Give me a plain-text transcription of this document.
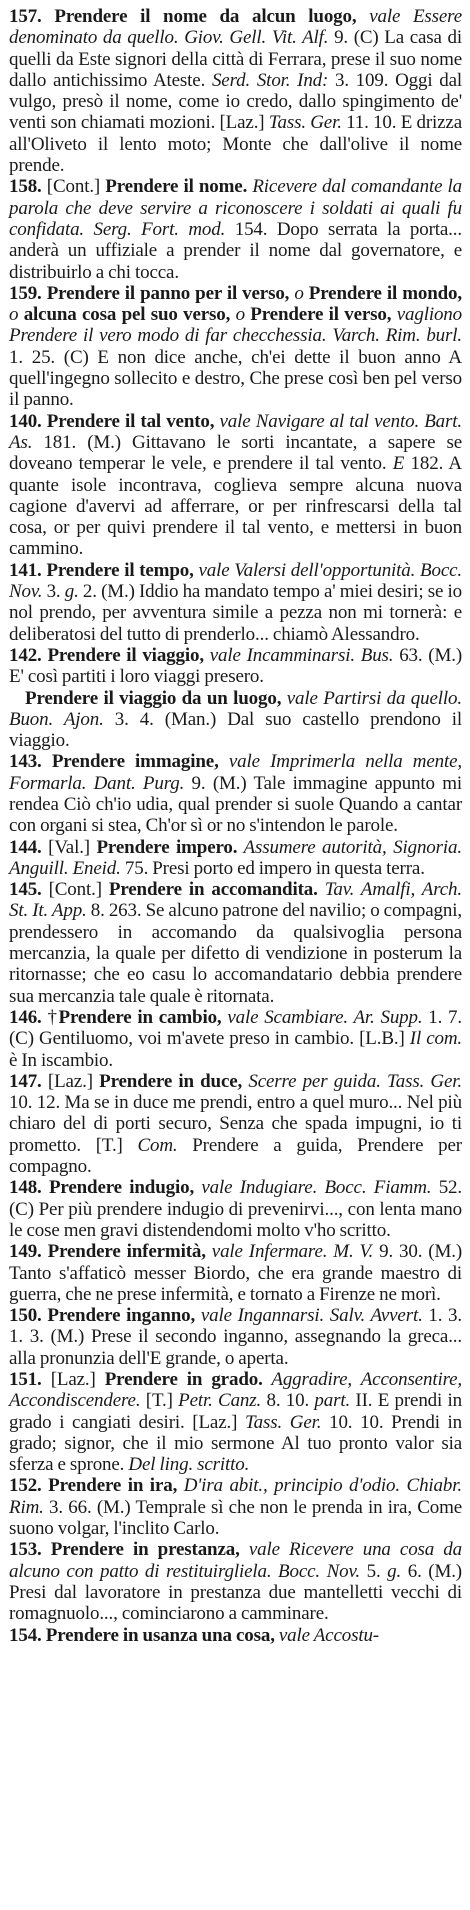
157. Prendere il nome da alcun luogo, vale Essere denominato da quello. Giov. Gell. Vit. Alf. 9. (C) La casa di quelli da Este signori della città di Ferrara, prese il suo nome dallo antichissimo Ateste. Serd. Stor. Ind: 3. 109. Oggi dal vulgo, presò il nome, come io credo, dallo spingimento de' venti son chiamati mozioni. [Laz.] Tass. Ger. 11. 10. E drizza all'Oliveto il lento moto; Monte che dall'olive il nome prende.

158. [Cont.] Prendere il nome. Ricevere dal comandante la parola che deve servire a riconoscere i soldati ai quali fu confidata. Serg. Fort. mod. 154. Dopo serrata la porta... anderà un uffiziale a prender il nome dal governatore, e distribuirlo a chi tocca.

159. Prendere il panno per il verso, o Prendere il mondo, o alcuna cosa pel suo verso, o Prendere il verso, vagliono Prendere il vero modo di far checchessia. Varch. Rim. burl. 1. 25. (C) E non dice anche, ch'ei dette il buon anno A quell'ingegno sollecito e destro, Che prese così ben pel verso il panno.

140. Prendere il tal vento, vale Navigare al tal vento. Bart. As. 181. (M.) Gittavano le sorti incantate, a sapere se doveano temperar le vele, e prendere il tal vento. E 182. A quante isole incontrava, coglieva sempre alcuna nuova cagione d'avervi ad afferrare, or per rinfrescarsi della tal cosa, or per quivi prendere il tal vento, e mettersi in buon cammino.

141. Prendere il tempo, vale Valersi dell'opportunità. Bocc. Nov. 3. g. 2. (M.) Iddio ha mandato tempo a' miei desiri; se io nol prendo, per avventura simile a pezza non mi tornerà: e deliberatosi del tutto di prenderlo... chiamò Alessandro.

142. Prendere il viaggio, vale Incamminarsi. Bus. 63. (M.) E' così partiti i loro viaggi presero.

Prendere il viaggio da un luogo, vale Partirsi da quello. Buon. Ajon. 3. 4. (Man.) Dal suo castello prendono il viaggio.

143. Prendere immagine, vale Imprimerla nella mente, Formarla. Dant. Purg. 9. (M.) Tale immagine appunto mi rendea Ciò ch'io udia, qual prender si suole Quando a cantar con organi si stea, Ch'or sì or no s'intendon le parole.

144. [Val.] Prendere impero. Assumere autorità, Signoria. Anguill. Eneid. 75. Presi porto ed impero in questa terra.

145. [Cont.] Prendere in accomandita. Tav. Amalfi, Arch. St. It. App. 8. 263. Se alcuno patrone del navilio; o compagni, prendessero in accomando da qualsivoglia persona mercanzia, la quale per difetto di vendizione in posterum la ritornasse; che eo casu lo accomandatario debbia prendere sua mercanzia tale quale è ritornata.

146. †Prendere in cambio, vale Scambiare. Ar. Supp. 1. 7. (C) Gentiluomo, voi m'avete preso in cambio. [L.B.] Il com. è In iscambio.

147. [Laz.] Prendere in duce, Scerre per guida. Tass. Ger. 10. 12. Ma se in duce me prendi, entro a quel muro... Nel più chiaro del di porti securo, Senza che spada impugni, io ti prometto. [T.] Com. Prendere a guida, Prendere per compagno.

148. Prendere indugio, vale Indugiare. Bocc. Fiamm. 52. (C) Per più prendere indugio di prevenirvi..., con lenta mano le cose men gravi distendendomi molto v'ho scritto.

149. Prendere infermità, vale Infermare. M. V. 9. 30. (M.) Tanto s'affaticò messer Biordo, che era grande maestro di guerra, che ne prese infermità, e tornato a Firenze ne morì.

150. Prendere inganno, vale Ingannarsi. Salv. Avvert. 1. 3. 1. 3. (M.) Prese il secondo inganno, assegnando la greca... alla pronunzia dell'E grande, o aperta.

151. [Laz.] Prendere in grado. Aggradire, Acconsentire, Accondiscendere. [T.] Petr. Canz. 8. 10. part. II. E prendi in grado i cangiati desiri. [Laz.] Tass. Ger. 10. 10. Prendi in grado; signor, che il mio sermone Al tuo pronto valor sia sferza e sprone. Del ling. scritto.

152. Prendere in ira, D'ira abit., principio d'odio. Chiabr. Rim. 3. 66. (M.) Temprale sì che non le prenda in ira, Come suono volgar, l'inclito Carlo.

153. Prendere in prestanza, vale Ricevere una cosa da alcuno con patto di restituirgliela. Bocc. Nov. 5. g. 6. (M.) Presi dal lavoratore in prestanza due mantelletti vecchi di romagnuolo..., cominciarono a camminare.

154. Prendere in usanza una cosa, vale Accostu-
